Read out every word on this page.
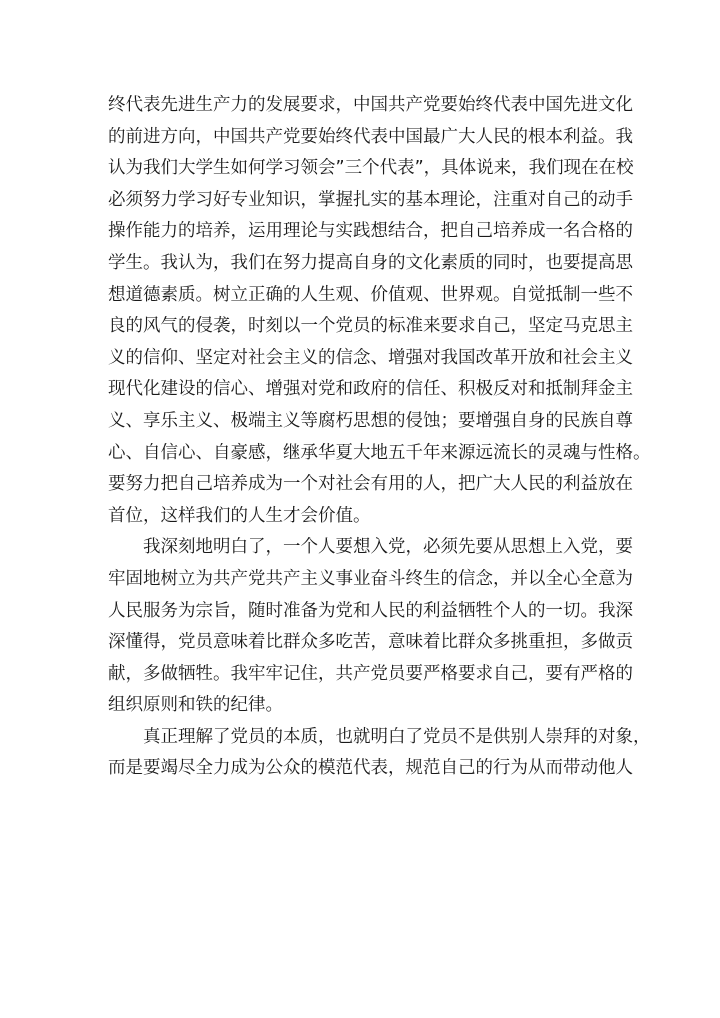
终代表先进生产力的发展要求，中国共产党要始终代表中国先进文化
的前进方向，中国共产党要始终代表中国最广大人民的根本利益。我
认为我们大学生如何学习领会”三个代表”，具体说来，我们现在在校
必须努力学习好专业知识，掌握扎实的基本理论，注重对自己的动手
操作能力的培养，运用理论与实践想结合，把自己培养成一名合格的
学生。我认为，我们在努力提高自身的文化素质的同时，也要提高思
想道德素质。树立正确的人生观、价值观、世界观。自觉抵制一些不
良的风气的侵袭，时刻以一个党员的标准来要求自己，坚定马克思主
义的信仰、坚定对社会主义的信念、增强对我国改革开放和社会主义
现代化建设的信心、增强对党和政府的信任、积极反对和抵制拜金主
义、享乐主义、极端主义等腐朽思想的侵蚀；要增强自身的民族自尊
心、自信心、自豪感，继承华夏大地五千年来源远流长的灵魂与性格。
要努力把自己培养成为一个对社会有用的人，把广大人民的利益放在
首位，这样我们的人生才会价值。
我深刻地明白了，一个人要想入党，必须先要从思想上入党，要
牢固地树立为共产党共产主义事业奋斗终生的信念，并以全心全意为
人民服务为宗旨，随时准备为党和人民的利益牺牲个人的一切。我深
深懂得，党员意味着比群众多吃苦，意味着比群众多挑重担，多做贡
献，多做牺牲。我牢牢记住，共产党员要严格要求自己，要有严格的
组织原则和铁的纪律。
真正理解了党员的本质，也就明白了党员不是供别人崇拜的对象，
而是要竭尽全力成为公众的模范代表，规范自己的行为从而带动他人
